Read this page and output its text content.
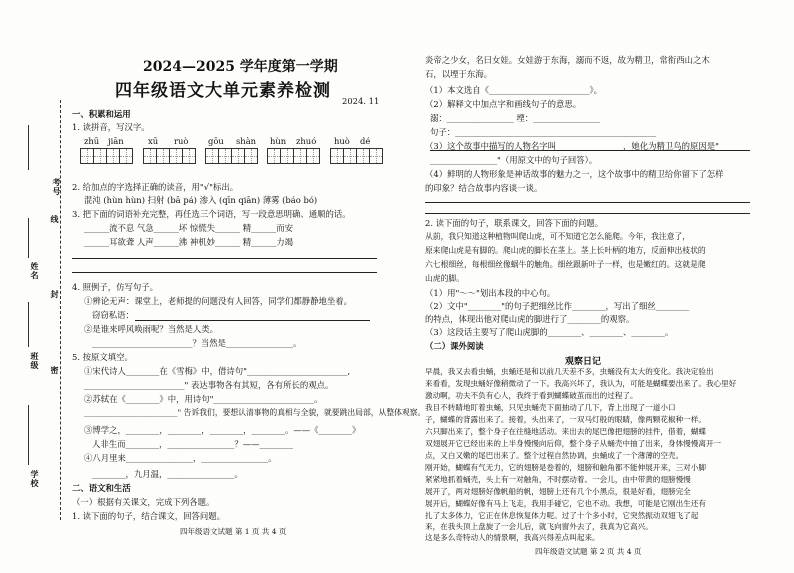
考号
线
姓名
封
班级
密
学校
2024—2025 学年度第一学期
四年级语文大单元素养检测 2024. 11
一、积累和运用
1. 读拼音，写汉字。
zhū jiān	xū ruò gōu shàn hùn zhuó huò dé
2. 给加点的字选择正确的读音，用"√"标出。
混沌 (hùn hùn) 扫射 (bā pá) 渗入 (qīn qiān) 薄雾 (báo bó)
3. 把下面的词语补充完整，再任选三个词语，写一段意思明确、通顺的话。
______流不息 气急______坏 惊慌失______ 精______而安
______耳欲聋 人声______沸 神机妙______ 精______力竭
4. 照例子，仿写句子。
①辨论无声：课堂上，老师提的问题没有人回答，同学们都静静地坐着。
窃窃私语：
②是谁来呼风唤雨呢？当然是人类。
________________________？当然是________________。
5. 按原文填空。
①宋代诗人________在《雪梅》中，借诗句"________________________,
________________________" 表达事物各有其短，各有所长的观点。
②苏轼在《________》中，用诗句"________________________。
________________________" 告诉我们，要想认清事物的真相与全貌，就要跳出局部，从整体观察。
③博学之，________，________，________，________。——《________》
人非生而________，________________？——________
④八月里来________________，________________。
________，九月温，________________。
二、语文和生活
（一）根据有关课文，完成下列各题。
1. 读下面的句子，结合课文，回答问题。
四年级语文试题 第 1 页 共 4 页
炎帝之少女，名曰女娃。女娃游于东海，溺而不返，故为精卫，常衔西山之木
石，以堙于东海。
（1）本文选自《________________________》。
（2）解释文中加点字和画线句子的意思。
溺：________________ 堙：________________
句子：________________________________________________
（3）这个故事中描写的人物名字叫________________，她化为精卫鸟的原因是"
________________"（用原文中的句子回答）。
（4）鲜明的人物形象是神话故事的魅力之一，这个故事中的精卫给你留下了怎样
的印象？结合故事内容谈一谈。
2. 读下面的句子，联系课文，回答下面的问题。
从前，我只知道这种植物叫爬山虎，可不知道它怎么能爬。今年，我注意了，
原来爬山虎是有脚的。爬山虎的脚长在茎上。茎上长叶柄的地方，反面伸出枝状的
六七根细丝，每根细丝像蜗牛的触角。细丝跟新叶子一样，也是嫩红的。这就是爬
山虎的脚。
（1）用"～～"划出本段的中心句。
（2）文中"________"的句子把细丝比作________，写出了细丝________
的特点，体现出他对爬山虎的脚进行了________的观察。
（3）这段话主要写了爬山虎脚的________、________、________。
（二）课外阅读
观察日记
早晨，我又去看虫蛹，虫蛹还是和以前几天差不多，虫蛹没有太大的变化。我决定验出
来看看，发现虫蛹好像稍微动了一下。我高兴坏了，我认为，可能是蝴蝶要出来了。我心里好
激动啊，功夫不负有心人，我终于看到蝴蝶破茧而出的过程了。
我目不转睛地盯着虫蛹，只见虫蛹壳下面抽动了几下，背上出现了一道小口
子，蝴蝶的背露出来了。接着，头出来了，一双马灯般的眼睛，像两颗花椒种一样。
六只脚出来了，整个身子在往缝地活动。来出去的尾巴像把翅膀的挂件，借着，蝴蝶
双翅展开它已经出来的上半身慢慢向后仰，整个身子从蛹壳中抽了出来，身体慢慢离开一
点，又白又嫩的尾巴出来了。整个过程自然协调，虫蛹成了一个薄薄的空壳。
刚开始，蝴蝶有气无力，它的翅膀是卷着的，翅膀和触角都不能伸展开来，三对小脚
紧紧地抓着蛹壳，头上有一对触角，不时摆动着。一会儿，由中带黄的翅膀慢慢
展开了，两对翅膀好像帆船的帆，翅膀上还有几个小黑点，很是好看，翅膀完全
展开后，蝴蝶好像有马上飞走，我用手碰它，它也不动。我想，可能是它刚出生还有
扎了太多体力，它正在休息恢复体力呢。过了十个多小时，它突然振动双翅飞了起
来，在我头顶上盘旋了一会儿后，就飞向窗外去了，我真为它高兴。
这是多么奇特动人的情景啊，我高兴得差点叫起来。
四年级语文试题 第 2 页 共 4 页
